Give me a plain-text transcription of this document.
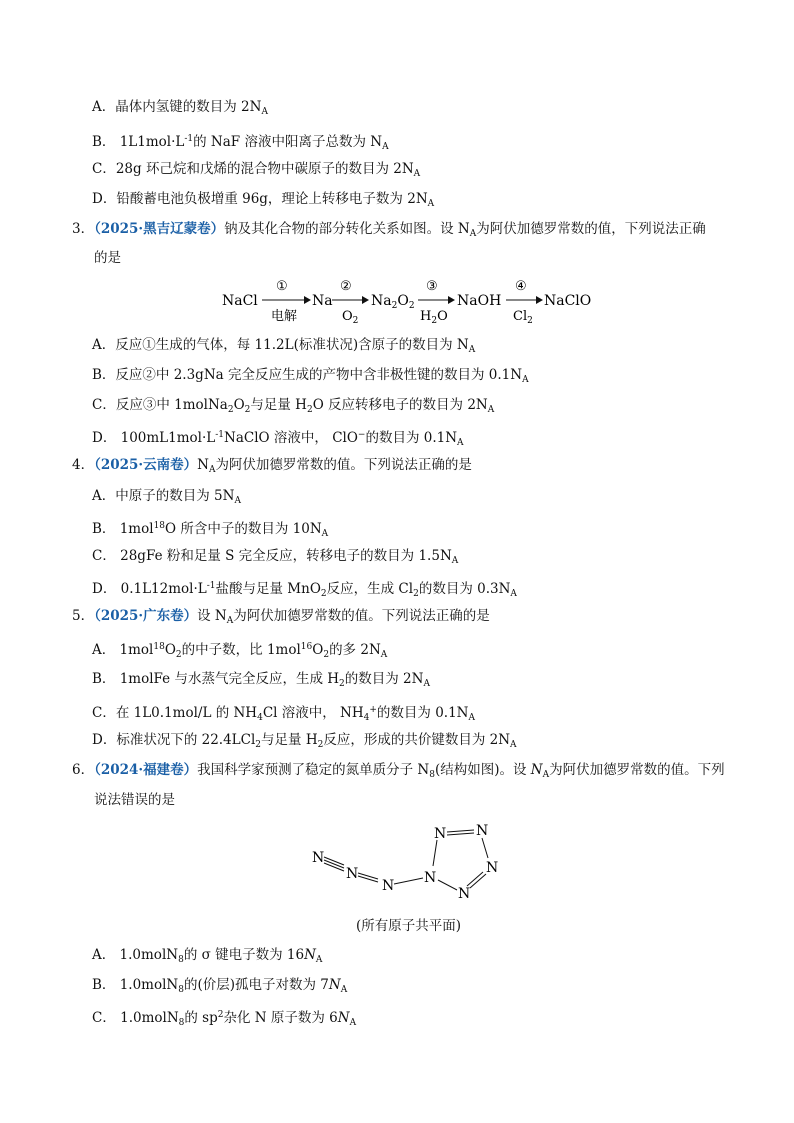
A．晶体内氢键的数目为 $2N_A$
B． $1L1mol\cdot L^{-1}$的 NaF 溶液中阳离子总数为 $N_A$
C．28g 环己烷和戊烯的混合物中碳原子的数目为 $2N_A$
D．铅酸蓄电池负极增重 96g，理论上转移电子数为 $2N_A$
3．（2025·黑吉辽蒙卷）钠及其化合物的部分转化关系如图。设 $N_A$为阿伏加德罗常数的值，下列说法正确
的是
NaCl
①
电解
Na
②
$O_2$
$Na_2O_2$
③
$H_2O$
NaOH
④
$Cl_2$
NaClO
A．反应①生成的气体，每 11.2L(标准状况)含原子的数目为 $N_A$
B．反应②中 2.3gNa 完全反应生成的产物中含非极性键的数目为 $0.1N_A$
C．反应③中 $1molNa_2O_2$与足量 $H_2O$ 反应转移电子的数目为 $2N_A$
D． $100mL1mol\cdot L^{-1}NaClO$ 溶液中， ClO−的数目为 $0.1N_A$
4．（2025·云南卷）$N_A$为阿伏加德罗常数的值。下列说法正确的是
A．中原子的数目为 $5N_A$
B． 1mol$^{18}$O 所含中子的数目为 $10N_A$
C． 28gFe 粉和足量 S 完全反应，转移电子的数目为 $1.5N_A$
D． $0.1L12mol\cdot L^{-1}$盐酸与足量 MnO$_2$反应，生成 $Cl_2$的数目为 $0.3N_A$
5．（2025·广东卷）设 $N_A$为阿伏加德罗常数的值。下列说法正确的是
A． $1mol^{18}O_2$的中子数，比 $1mol^{16}O_2$的多 $2N_A$
B． 1molFe 与水蒸气完全反应，生成 $H_2$的数目为 $2N_A$
C．在 1L0.1mol/L 的 $NH_4Cl$ 溶液中， $NH_4^+$的数目为 $0.1N_A$
D．标准状况下的 22.4LCl$_2$与足量 $H_2$反应，形成的共价键数目为 $2N_A$
6．（2024·福建卷）我国科学家预测了稳定的氮单质分子 $N_8$(结构如图)。设 $N_A$为阿伏加德罗常数的值。下列
说法错误的是
N
N
N N
N N
N
N
(所有原子共平面)
A． 1.0molN$_8$的 σ 键电子数为 $16N_A$
B． 1.0molN$_8$的(价层)孤电子对数为 $7N_A$
C． 1.0molN$_8$的 $sp^2$杂化 N 原子数为 $6N_A$
